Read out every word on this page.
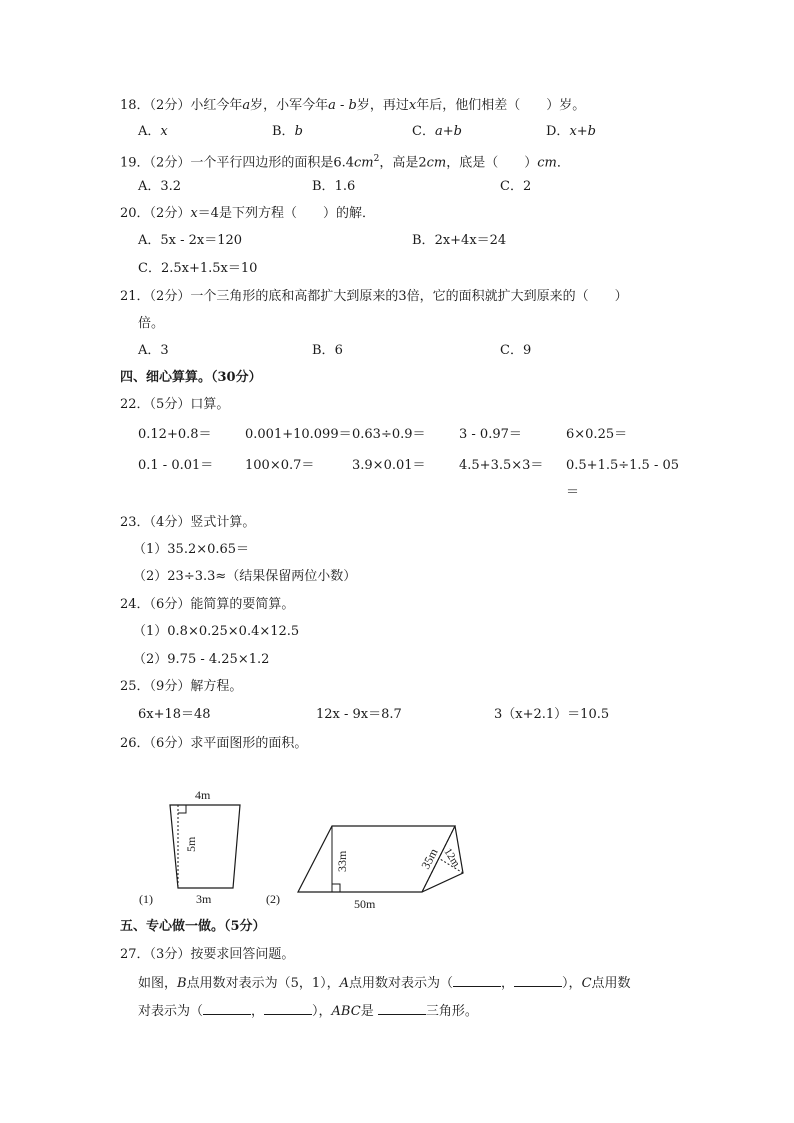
18．（2分）小红今年a岁，小军今年a - b岁，再过x年后，他们相差（　　）岁。
A．x	B．b	C．a+b	D．x+b
19．（2分）一个平行四边形的面积是$6.4cm^2$，高是2cm，底是（　　）cm．
A．3.2	B．1.6	C．2
20．（2分）x＝4是下列方程（　　）的解．
A．5x - 2x＝120	B．2x+4x＝24
C．2.5x+1.5x＝10
21．（2分）一个三角形的底和高都扩大到原来的3倍，它的面积就扩大到原来的（　　）
倍。
A．3	B．6	C．9
四、细心算算。（30分）
22．（5分）口算。
0.12+0.8＝	0.001+10.099＝ 0.63÷0.9＝	3 - 0.97＝	6×0.25＝
0.1 - 0.01＝ 100×0.7＝	3.9×0.01＝	4.5+3.5×3＝ 0.5+1.5÷1.5 - 05
＝
23．（4分）竖式计算。
（1）35.2×0.65＝
（2）23÷3.3≈（结果保留两位小数）
24．（6分）能简算的要简算。
（1）0.8×0.25×0.4×12.5
（2）9.75 - 4.25×1.2
25．（9分）解方程。
6x+18＝48	12x - 9x＝8.7	3（x+2.1）＝10.5
26．（6分）求平面图形的面积。
4m
5m
3m
(1)
33m
50m
35m 12m
(2)
五、专心做一做。（5分）
27．（3分）按要求回答问题。
如图，B点用数对表示为（5，1），A点用数对表示为（	，	），C点用数
对表示为（	，	），ABC是	三角形。
